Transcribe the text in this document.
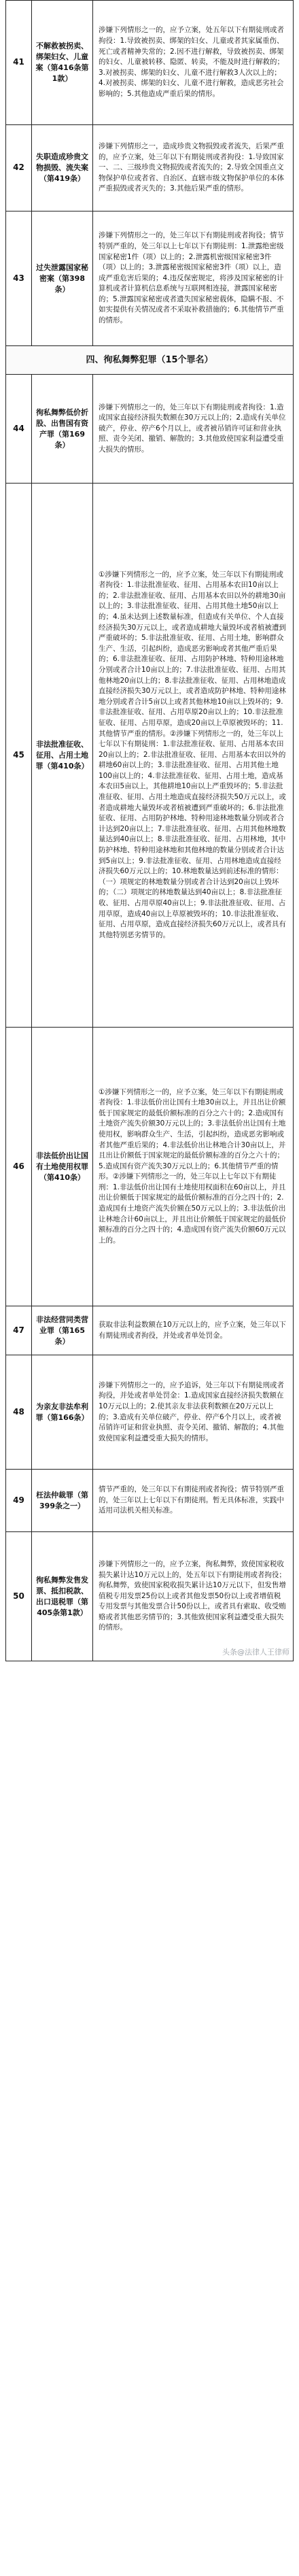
41	不解救被拐卖、绑架妇女、儿童案（第416条第1款）	涉嫌下列情形之一的，应予立案，处五年以下有期徒刑或者拘役：1.导致被拐卖、绑架的妇女、儿童或者其家属重伤、死亡或者精神失常的；2.因不进行解救，导致被拐卖、绑架的妇女、儿童被转移、隐匿、转卖，不能及时进行解救的；3.对被拐卖、绑架的妇女、儿童不进行解救3人次以上的；4.对被拐卖、绑架的妇女、儿童不进行解救，造成恶劣社会影响的；5.其他造成严重后果的情形。
42	失职造成珍贵文物损毁、流失案（第419条）	涉嫌下列情形之一，造成珍贵文物损毁或者流失，后果严重的，应予立案，处三年以下有期徒刑或者拘役：1.导致国家一、二、三级珍贵文物损毁或者流失的；2.导致全国重点文物保护单位或者省、自治区、直辖市级文物保护单位的本体严重损毁或者灭失的；3.其他后果严重的情形。
43	过失泄露国家秘密案（第398条）	涉嫌下列情形之一的，处三年以下有期徒刑或者拘役；情节特别严重的，处三年以上七年以下有期徒刑：1.泄露绝密级国家秘密1件（项）以上的；2.泄露机密级国家秘密3件（项）以上的；3.泄露秘密级国家秘密3件（项）以上，造成严重危害后果的；4.违反保密规定，将涉及国家秘密的计算机或者计算机信息系统与互联网相连接，泄露国家秘密的；5.泄露国家秘密或者遗失国家秘密载体，隐瞒不报、不如实提供有关情况或者不采取补救措施的；6.其他情节严重的情形。
四、徇私舞弊犯罪（15个罪名）		
44	徇私舞弊低价折股、出售国有资产罪（第169条）	涉嫌下列情形之一的，处三年以下有期徒刑或者拘役：1.造成国家直接经济损失数额在30万元以上的；2.造成有关单位破产，停业、停产6个月以上，或者被吊销许可证和营业执照、责令关闭、撤销、解散的；3.其他致使国家利益遭受重大损失的情形。
45	非法批准征收、征用、占用土地罪（第410条）	①涉嫌下列情形之一的，应予立案，处三年以下有期徒刑或者拘役：1.非法批准征收、征用、占用基本农田10亩以上的；2.非法批准征收、征用、占用基本农田以外的耕地30亩以上的；3.非法批准征收、征用、占用其他土地50亩以上的；4.虽未达到上述数量标准，但造成有关单位、个人直接经济损失30万元以上，或者造成耕地大量毁坏或者植被遭到严重破坏的；5.非法批准征收、征用、占用土地，影响群众生产、生活，引起纠纷，造成恶劣影响或者其他严重后果的；6.非法批准征收、征用、占用防护林地、特种用途林地分别或者合计10亩以上的；7.非法批准征收、征用、占用其他林地20亩以上的；8.非法批准征收、征用、占用林地造成直接经济损失30万元以上，或者造成防护林地、特种用途林地分别或者合计5亩以上或者其他林地10亩以上毁坏的；9.非法批准征收、征用、占用草原20亩以上的；10.非法批准征收、征用、占用草原，造成20亩以上草原被毁坏的；11.其他情节严重的情形。②涉嫌下列情形之一的，处三年以上七年以下有期徒刑：1.非法批准征收、征用、占用基本农田20亩以上的；2.非法批准征收、征用、占用基本农田以外的耕地60亩以上的；3.非法批准征收、征用、占用其他土地100亩以上的；4.非法批准征收、征用、占用土地，造成基本农田5亩以上，其他耕地10亩以上严重毁坏的；5.非法批准征收、征用、占用土地造成直接经济损失50万元以上，或者造成耕地大量毁坏或者植被遭到严重破坏的；6.非法批准征收、征用、占用防护林地、特种用途林地数量分别或者合计达到20亩以上；7.非法批准征收、征用、占用其他林地数量达到40亩以上；8.非法批准征收、征用、占用林地，其中防护林地、特种用途林地和其他林地的数量分别或者合计达到5亩以上；9.非法批准征收、征用、占用林地造成直接经济损失60万元以上的；10.林地数量达到前述标准的情形：（一）项规定的林地数量分别或者合计达到20亩以上毁坏的；（二）项规定的林地数量达到40亩以上；8.非法批准征收、征用、占用草原40亩以上；9.非法批准征收、征用、占用草原，造成40亩以上草原被毁坏的；10.非法批准征收、征用、占用草原，造成直接经济损失60万元以上，或者具有其他特别恶劣情节的。
46	非法低价出让国有土地使用权罪（第410条）	①涉嫌下列情形之一的，应予立案，处三年以下有期徒刑或者拘役：1.非法低价出让国有土地30亩以上，并且出让价额低于国家规定的最低价额标准的百分之六十的；2.造成国有土地资产流失价额30万元以上的；3.非法低价出让国有土地使用权，影响群众生产、生活，引起纠纷，造成恶劣影响或者其他严重后果的；4.非法低价出让林地合计30亩以上，并且出让价额低于国家规定的最低价额标准的百分之六十的；5.造成国有资产流失30万元以上的；6.其他情节严重的情形。②涉嫌下列情形之一的，处三年以上七年以下有期徒刑：1.非法低价出让国有土地使用权面积在60亩以上，并且出让价额低于国家规定的最低价额标准的百分之四十的；2.造成国有土地资产流失价额在50万元以上的；3.非法低价出让林地合计60亩以上，并且出让价额低于国家规定的最低价额标准的百分之四十的；4.造成国有资产流失价额60万元以上的。
47	非法经营同类营业罪（第165条）	获取非法利益数额在10万元以上的，应予立案，处三年以下有期徒刑或者拘役，并处或者单处罚金。
48	为亲友非法牟利罪（第166条）	涉嫌下列情形之一的，应予追诉，处三年以下有期徒刑或者拘役，并处或者单处罚金：1.造成国家直接经济损失数额在10万元以上的；2.使其亲友非法获利数额在20万元以上的；3.造成有关单位破产，停业、停产6个月以上，或者被吊销许可证和营业执照、责令关闭、撤销、解散的；4.其他致使国家利益遭受重大损失的情形。
49	枉法仲裁罪（第399条之一）	情节严重的，处三年以下有期徒刑或者拘役；情节特别严重的，处三年以上七年以下有期徒刑。暂无具体标准，实践中适用司法机关相关标准。
50	徇私舞弊发售发票、抵扣税款、出口退税罪（第405条第1款）	涉嫌下列情形之一的，应予立案，徇私舞弊，致使国家税收损失累计达10万元以上的，处五年以下有期徒刑或者拘役；徇私舞弊，致使国家税收损失累计达10万元以下，但发售增值税专用发票25份以上或者其他发票50份以上或者增值税专用发票与其他发票合计50份以上，或者具有索取、收受贿赂或者其他恶劣情节的；3.其他致使国家利益遭受重大损失的情形。
头条@法律人王律师
